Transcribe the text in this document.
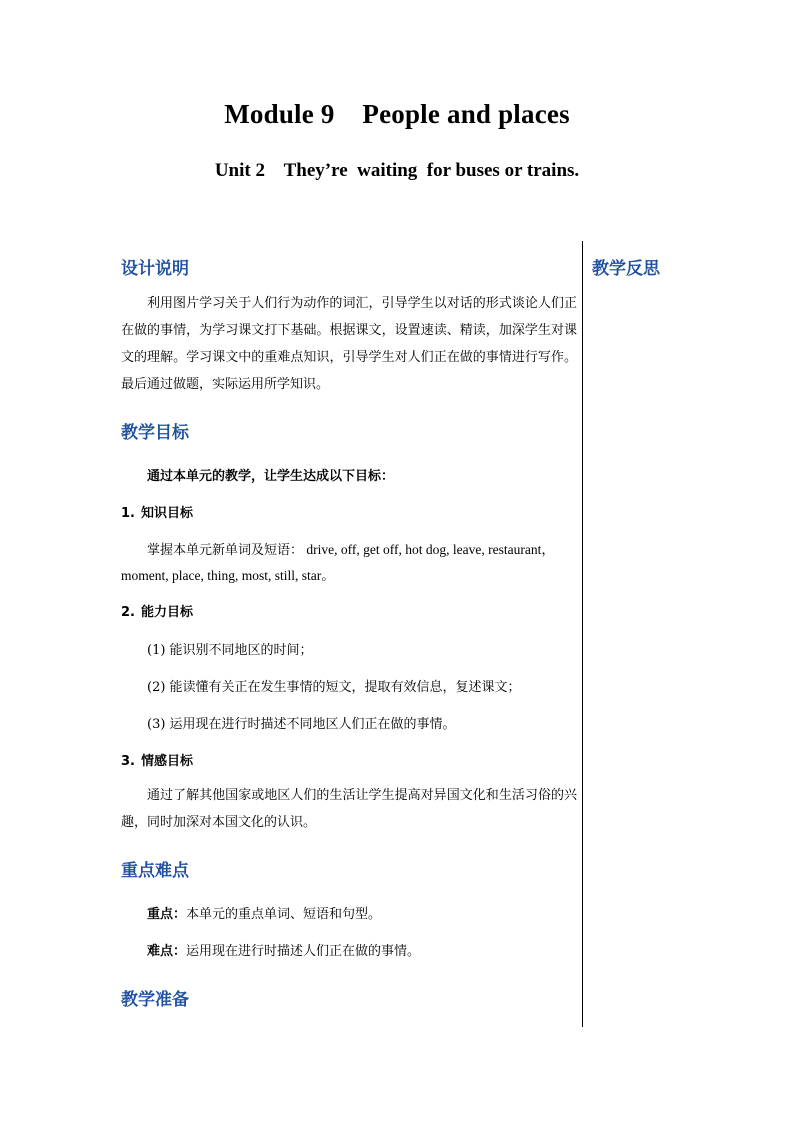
Module 9    People and places
Unit 2    They’re  waiting  for buses or trains.
教学反思
设计说明
利用图片学习关于人们行为动作的词汇，引导学生以对话的形式谈论人们正在做的事情，为学习课文打下基础。根据课文，设置速读、精读，加深学生对课文的理解。学习课文中的重难点知识，引导学生对人们正在做的事情进行写作。最后通过做题，实际运用所学知识。
教学目标
通过本单元的教学，让学生达成以下目标：
1. 知识目标
掌握本单元新单词及短语： drive, off, get off, hot dog, leave, restaurant，moment, place, thing, most, still, star。
2. 能力目标
(1) 能识别不同地区的时间；
(2) 能读懂有关正在发生事情的短文，提取有效信息，复述课文；
(3) 运用现在进行时描述不同地区人们正在做的事情。
3. 情感目标
通过了解其他国家或地区人们的生活让学生提高对异国文化和生活习俗的兴趣，同时加深对本国文化的认识。
重点难点
重点：本单元的重点单词、短语和句型。
难点：运用现在进行时描述人们正在做的事情。
教学准备
